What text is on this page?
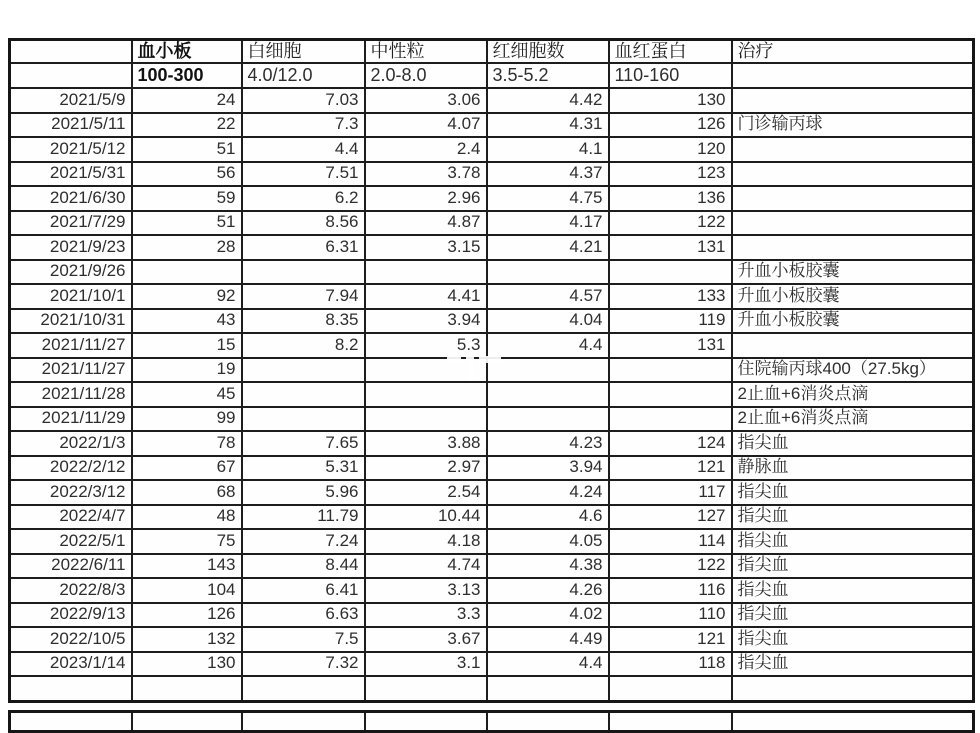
	血小板	白细胞	中性粒	红细胞数	血红蛋白	治疗
	100-300	4.0/12.0	2.0-8.0	3.5-5.2	110-160	
2021/5/9	24	7.03	3.06	4.42	130	
2021/5/11	22	7.3	4.07	4.31	126	门诊输丙球
2021/5/12	51	4.4	2.4	4.1	120	
2021/5/31	56	7.51	3.78	4.37	123	
2021/6/30	59	6.2	2.96	4.75	136	
2021/7/29	51	8.56	4.87	4.17	122	
2021/9/23	28	6.31	3.15	4.21	131	
2021/9/26						升血小板胶囊
2021/10/1	92	7.94	4.41	4.57	133	升血小板胶囊
2021/10/31	43	8.35	3.94	4.04	119	升血小板胶囊
2021/11/27	15	8.2	5.3	4.4	131	
2021/11/27	19					住院输丙球400（27.5kg）
2021/11/28	45					2止血+6消炎点滴
2021/11/29	99					2止血+6消炎点滴
2022/1/3	78	7.65	3.88	4.23	124	指尖血
2022/2/12	67	5.31	2.97	3.94	121	静脉血
2022/3/12	68	5.96	2.54	4.24	117	指尖血
2022/4/7	48	11.79	10.44	4.6	127	指尖血
2022/5/1	75	7.24	4.18	4.05	114	指尖血
2022/6/11	143	8.44	4.74	4.38	122	指尖血
2022/8/3	104	6.41	3.13	4.26	116	指尖血
2022/9/13	126	6.63	3.3	4.02	110	指尖血
2022/10/5	132	7.5	3.67	4.49	121	指尖血
2023/1/14	130	7.32	3.1	4.4	118	指尖血
